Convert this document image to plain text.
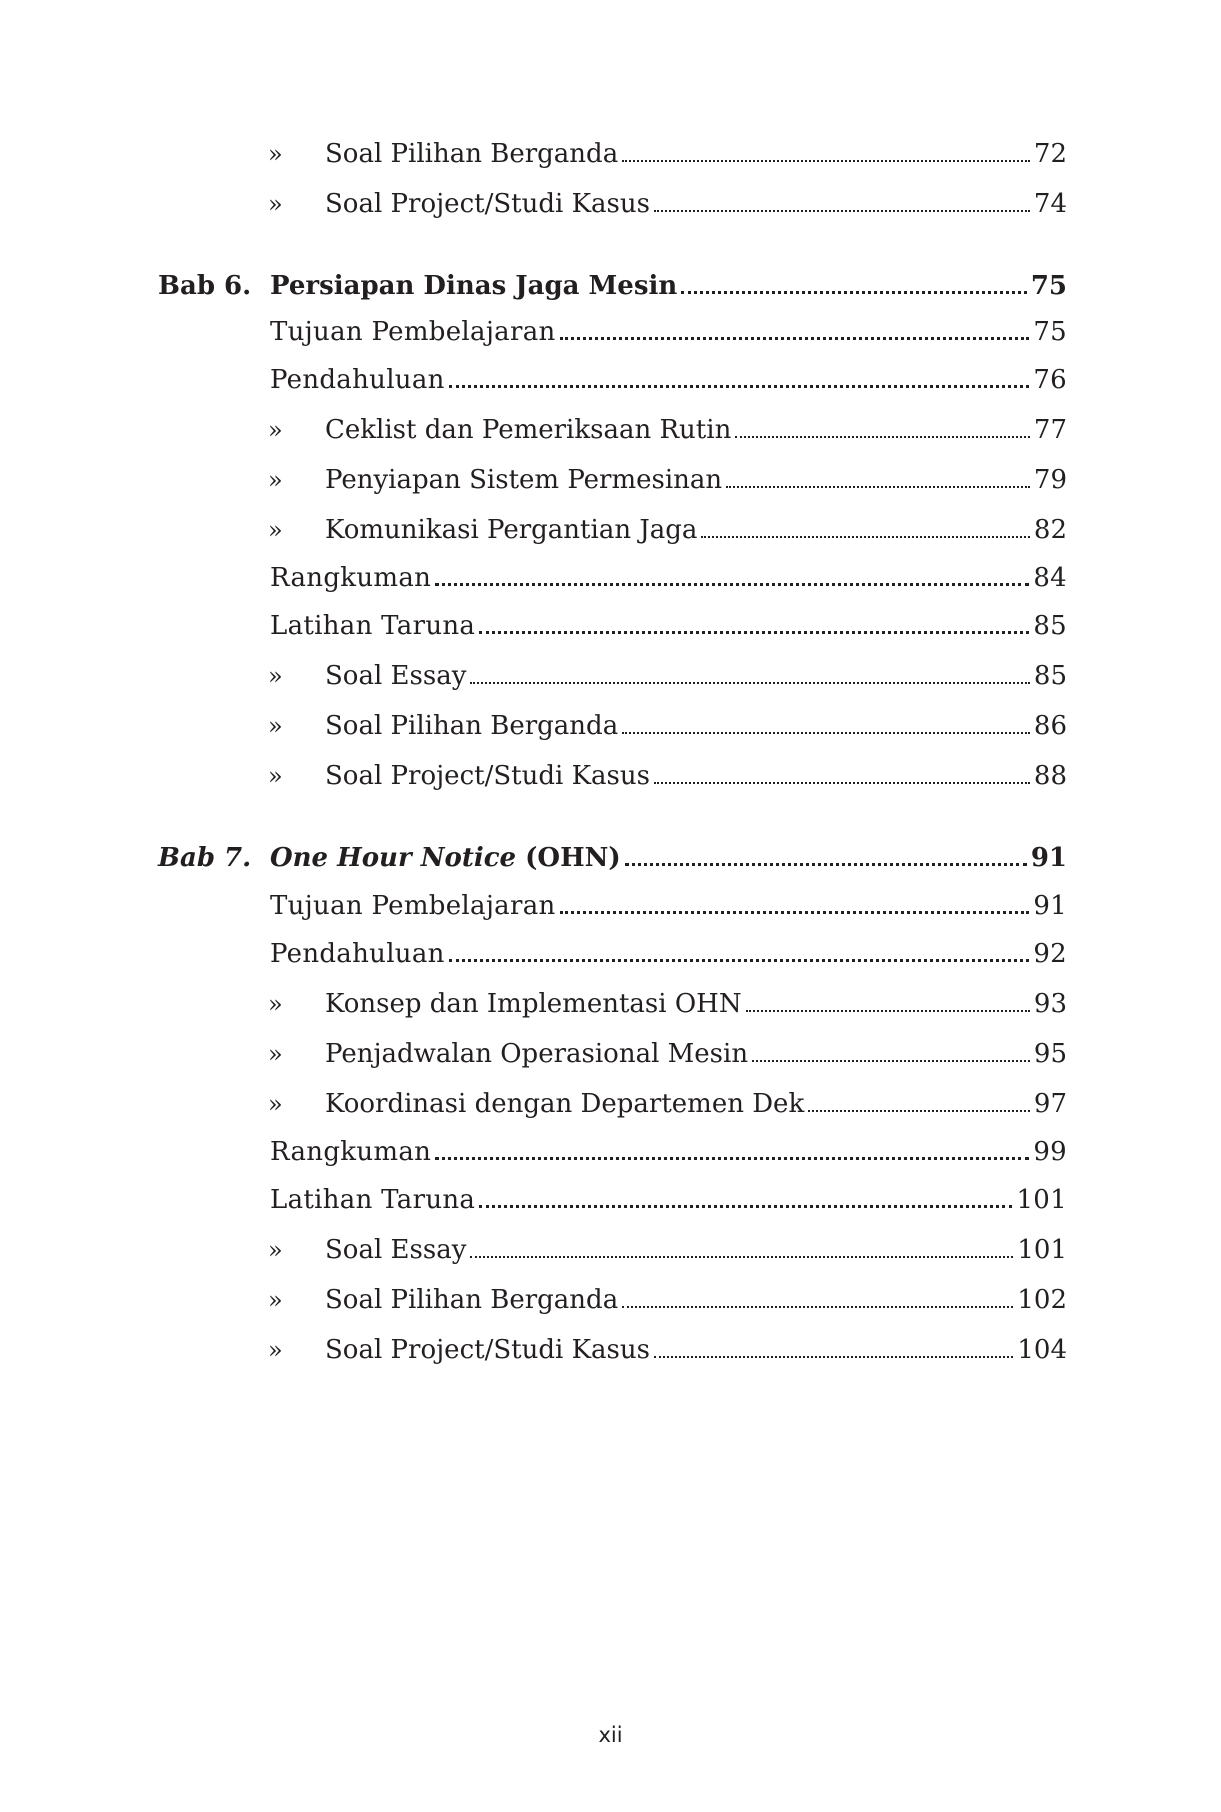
» Soal Pilihan Berganda	72
» Soal Project/Studi Kasus	74
Bab 6. Persiapan Dinas Jaga Mesin	75
Tujuan Pembelajaran	75
Pendahuluan	76
» Ceklist dan Pemeriksaan Rutin	77
» Penyiapan Sistem Permesinan	79
» Komunikasi Pergantian Jaga	82
Rangkuman	84
Latihan Taruna	85
» Soal Essay	85
» Soal Pilihan Berganda	86
» Soal Project/Studi Kasus	88
Bab 7. One Hour Notice (OHN)	91
Tujuan Pembelajaran	91
Pendahuluan	92
» Konsep dan Implementasi OHN	93
» Penjadwalan Operasional Mesin	95
» Koordinasi dengan Departemen Dek	97
Rangkuman	99
Latihan Taruna	101
» Soal Essay	101
» Soal Pilihan Berganda	102
» Soal Project/Studi Kasus	104
xii
